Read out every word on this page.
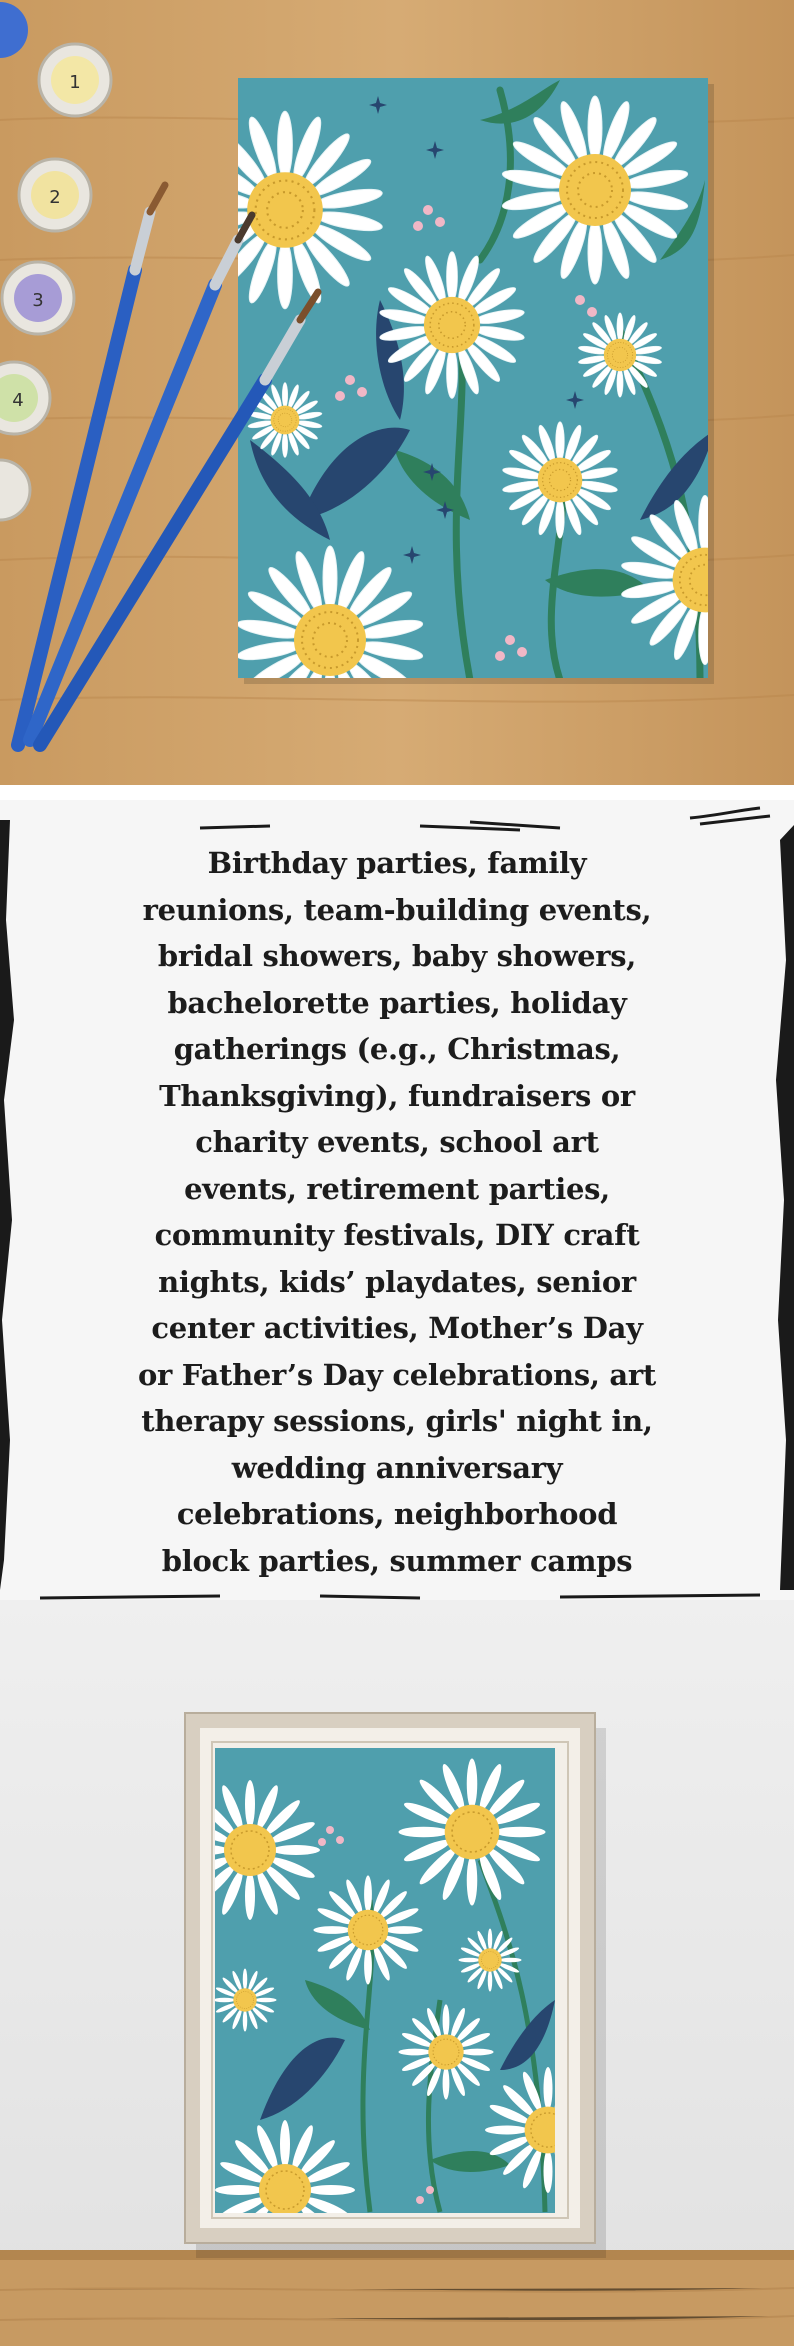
1
2
3
4
Birthday parties, family
reunions, team-building events,
bridal showers, baby showers,
bachelorette parties, holiday
gatherings (e.g., Christmas,
Thanksgiving), fundraisers or
charity events, school art
events, retirement parties,
community festivals, DIY craft
nights, kids’ playdates, senior
center activities, Mother’s Day
or Father’s Day celebrations, art
therapy sessions, girls' night in,
wedding anniversary
celebrations, neighborhood
block parties, summer camps
